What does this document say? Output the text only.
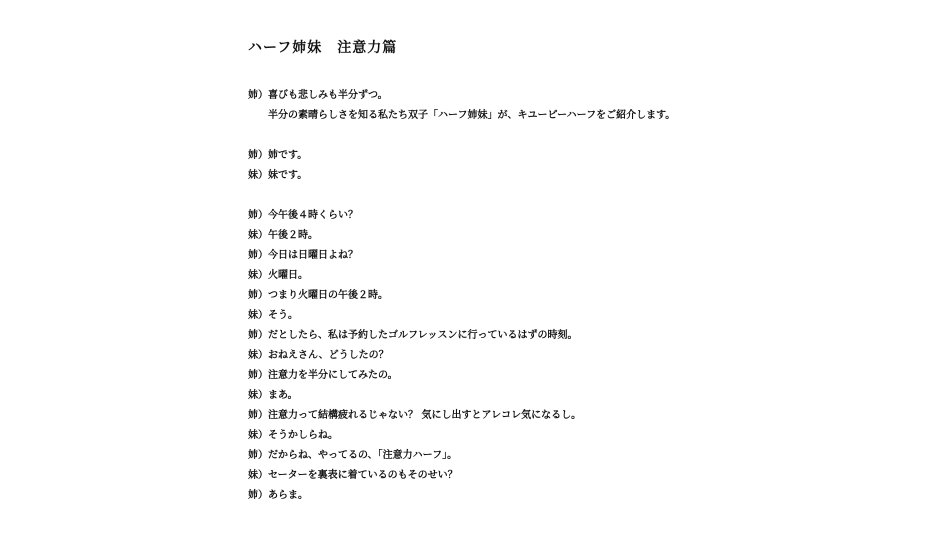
ハーフ姉妹　注意力篇
姉） 喜びも悲しみも半分ずつ。
半分の素晴らしさを知る私たち双子「ハーフ姉妹」が、キユーピーハーフをご紹介します。
姉） 姉です。
妹） 妹です。
姉） 今午後４時くらい？
妹） 午後２時。
姉） 今日は日曜日よね？
妹） 火曜日。
姉） つまり火曜日の午後２時。
妹） そう。
姉） だとしたら、私は予約したゴルフレッスンに行っているはずの時刻。
妹） おねえさん、どうしたの？
姉） 注意力を半分にしてみたの。
妹） まあ。
姉） 注意力って結構疲れるじゃない？ 気にし出すとアレコレ気になるし。
妹） そうかしらね。
姉） だからね、やってるの、「注意力ハーフ」。
妹） セーターを裏表に着ているのもそのせい？
姉） あらま。
